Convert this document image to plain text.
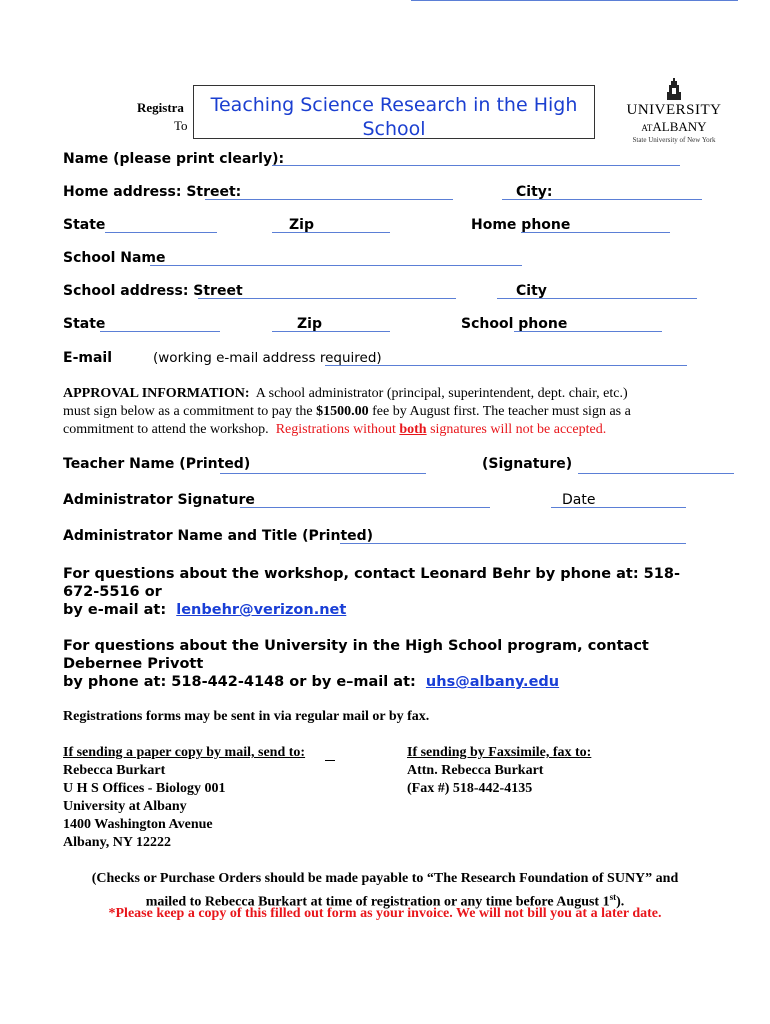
Registra
To
Teaching Science Research in the High School
UNIVERSITY
ATALBANY
State University of New York
Name (please print clearly):
Home address: Street:	City:
State	Zip	Home phone
School Name
School address: Street	City
State	Zip	School phone
E-mail	(working e-mail address required)
APPROVAL INFORMATION: A school administrator (principal, superintendent, dept. chair, etc.)
must sign below as a commitment to pay the $1500.00 fee by August first. The teacher must sign as a
commitment to attend the workshop. Registrations without both signatures will not be accepted.
Teacher Name (Printed)	(Signature)
Administrator Signature	Date
Administrator Name and Title (Printed)
For questions about the workshop, contact Leonard Behr by phone at: 518-
672-5516 or
by e-mail at: lenbehr@verizon.net
For questions about the University in the High School program, contact
Debernee Privott
by phone at: 518-442-4148 or by e–mail at: uhs@albany.edu
Registrations forms may be sent in via regular mail or by fax.
If sending a paper copy by mail, send to:
Rebecca Burkart
U H S Offices - Biology 001
University at Albany
1400 Washington Avenue
Albany, NY 12222
If sending by Faxsimile, fax to:
Attn. Rebecca Burkart
(Fax #) 518-442-4135
(Checks or Purchase Orders should be made payable to “The Research Foundation of SUNY” and
mailed to Rebecca Burkart at time of registration or any time before August 1st).
*Please keep a copy of this filled out form as your invoice. We will not bill you at a later date.
